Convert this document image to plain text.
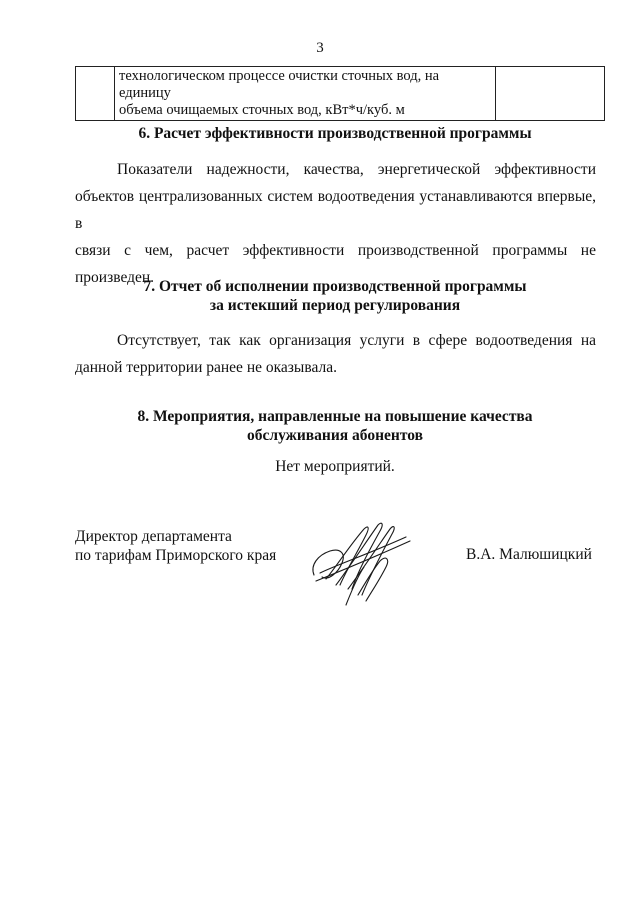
3
	технологическом процессе очистки сточных вод, на единицу
объема очищаемых сточных вод, кВт*ч/куб. м	
6. Расчет эффективности производственной программы
Показатели надежности, качества, энергетической эффективности
объектов централизованных систем водоотведения устанавливаются впервые, в
связи с чем, расчет эффективности производственной программы не
произведен.
7. Отчет об исполнении производственной программы
за истекший период регулирования
Отсутствует, так как организация услуги в сфере водоотведения на
данной территории ранее не оказывала.
8. Мероприятия, направленные на повышение качества
обслуживания абонентов
Нет мероприятий.
Директор департамента
по тарифам Приморского края	В.А. Малюшицкий
